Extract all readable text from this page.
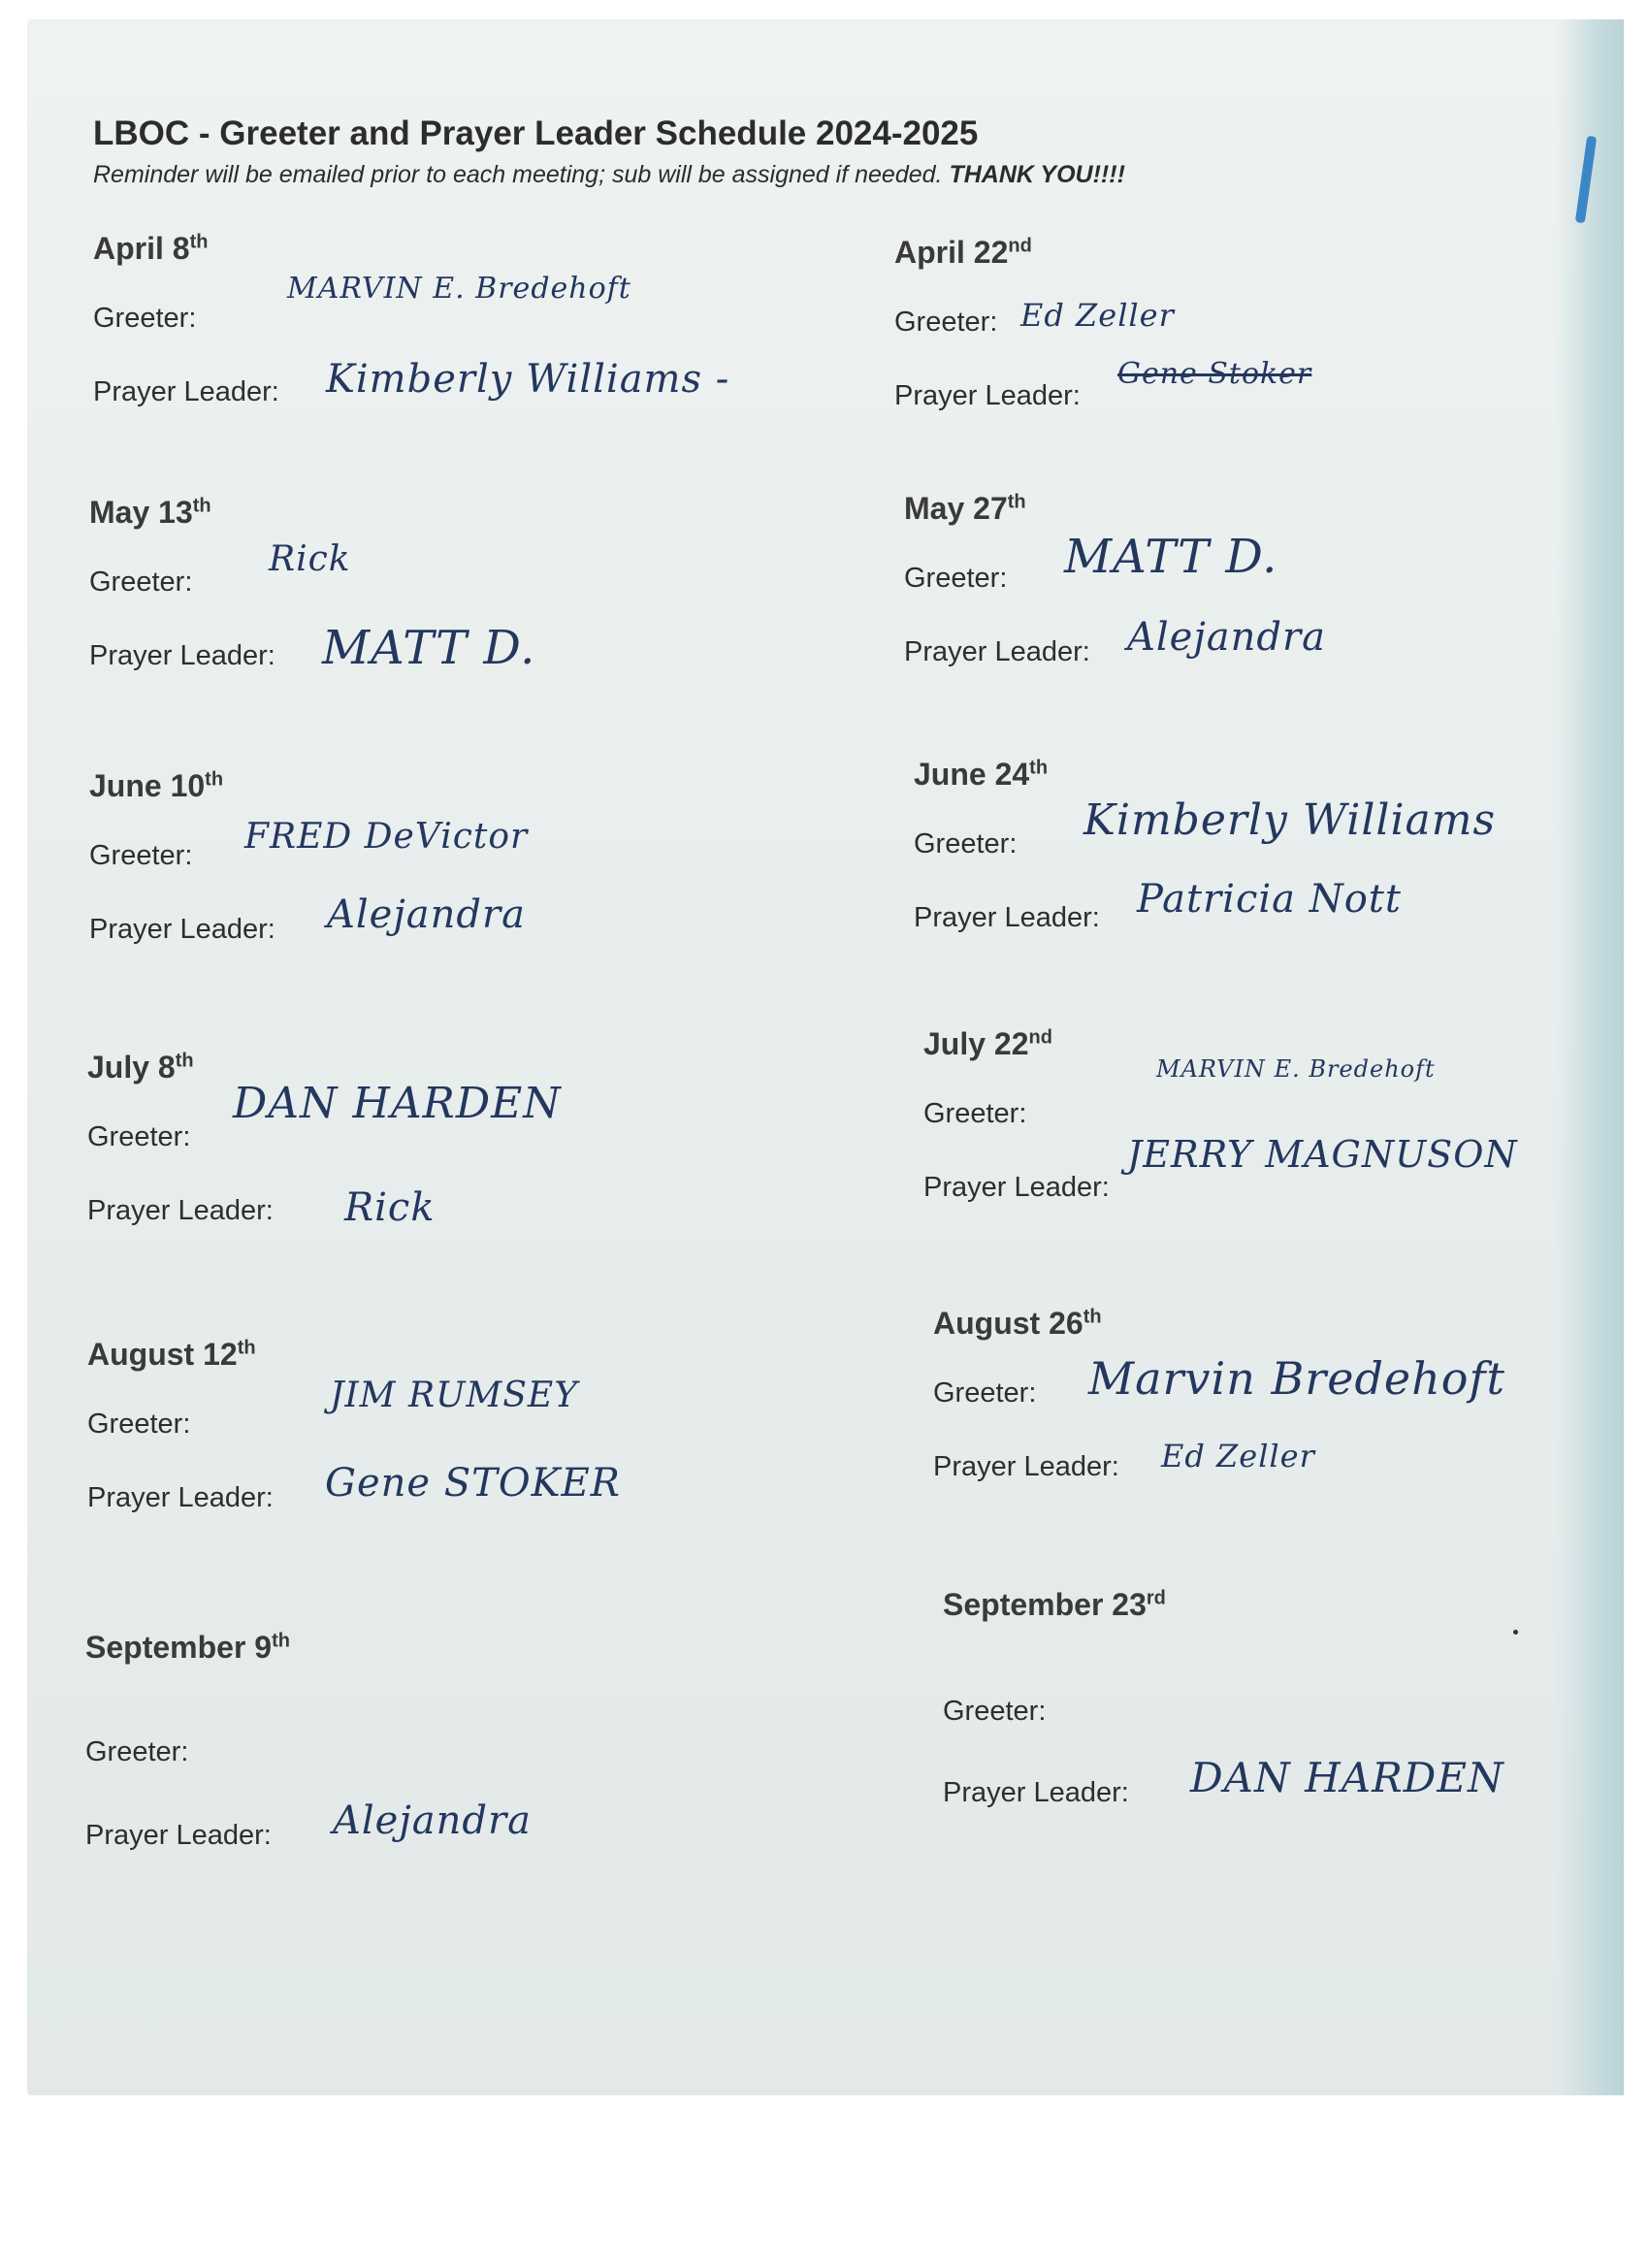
LBOC - Greeter and Prayer Leader Schedule 2024-2025

Reminder will be emailed prior to each meeting; sub will be assigned if needed. THANK YOU!!!!

April 8th
Greeter:
MARVIN E. Bredehoft
Prayer Leader: Kimberly Williams -
May 13th
Greeter:
Rick
Prayer Leader: MATT D.
June 10th
Greeter: FRED DeVictor
Prayer Leader: Alejandra
July 8th
Greeter:
DAN HARDEN
Prayer Leader: Rick
August 12th
Greeter:
JIM RUMSEY
Prayer Leader: Gene STOKER
September 9th
Greeter:
Prayer Leader: Alejandra
April 22nd
Greeter: Ed Zeller
Prayer Leader:
Gene Stoker
May 27th
Greeter: MATT D.
Prayer Leader: Alejandra
June 24th
Greeter: Kimberly Williams
Prayer Leader: Patricia Nott
July 22nd
Greeter:
MARVIN E. Bredehoft
Prayer Leader:
JERRY MAGNUSON
August 26th
Greeter: Marvin Bredehoft
Prayer Leader: Ed Zeller
September 23rd
Greeter:
Prayer Leader: DAN HARDEN
